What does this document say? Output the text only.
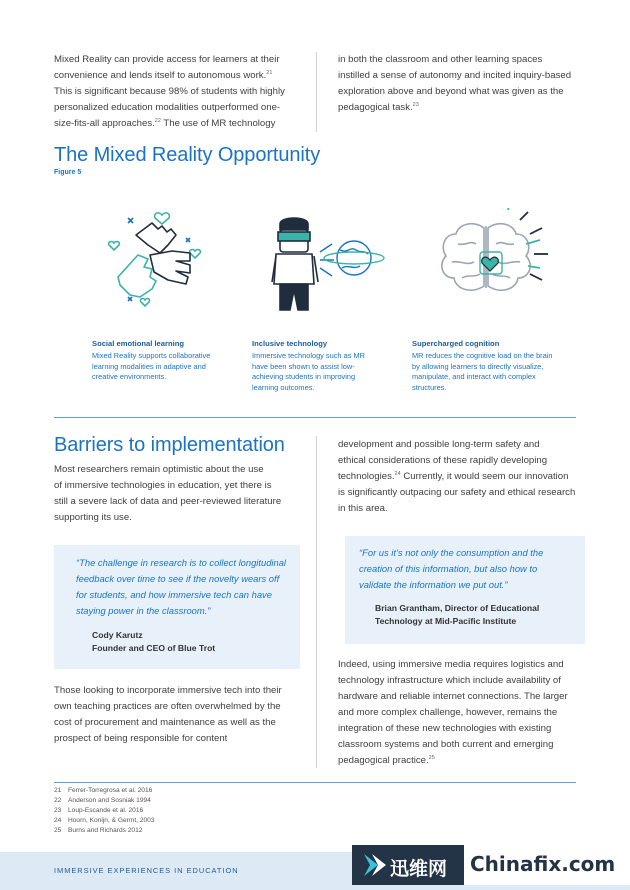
Mixed Reality can provide access for learners at their
convenience and lends itself to autonomous work.$^{21}$
This is significant because 98% of students with highly
personalized education modalities outperformed one-
size-fits-all approaches.$^{22}$ The use of MR technology
in both the classroom and other learning spaces
instilled a sense of autonomy and incited inquiry-based
exploration above and beyond what was given as the
pedagogical task.$^{23}$
The Mixed Reality Opportunity
Figure 5
Social emotional learning
Mixed Reality supports collaborative
learning modalities in adaptive and
creative environments.
Inclusive technology
Immersive technology such as MR
have been shown to assist low-
achieving students in improving
learning outcomes.
Supercharged cognition
MR reduces the cognitive load on the brain
by allowing learners to directly visualize,
manipulate, and interact with complex
structures.
Barriers to implementation
Most researchers remain optimistic about the use
of immersive technologies in education, yet there is
still a severe lack of data and peer-reviewed literature
supporting its use.
“The challenge in research is to collect longitudinal
feedback over time to see if the novelty wears off
for students, and how immersive tech can have
staying power in the classroom.”
Cody Karutz
Founder and CEO of Blue Trot
Those looking to incorporate immersive tech into their
own teaching practices are often overwhelmed by the
cost of procurement and maintenance as well as the
prospect of being responsible for content
development and possible long-term safety and
ethical considerations of these rapidly developing
technologies.$^{24}$ Currently, it would seem our innovation
is significantly outpacing our safety and ethical research
in this area.
“For us it’s not only the consumption and the
creation of this information, but also how to
validate the information we put out.”
Brian Grantham, Director of Educational
Technology at Mid-Pacific Institute
Indeed, using immersive media requires logistics and
technology infrastructure which include availability of
hardware and reliable internet connections. The larger
and more complex challenge, however, remains the
integration of these new technologies with existing
classroom systems and both current and emerging
pedagogical practice.$^{25}$
21 Ferrer-Torregrosa et al. 2016
22 Anderson and Sosniak 1994
23 Loup-Escande et al. 2016
24 Hoorn, Konijn, & Germt, 2003
25 Burns and Richards 2012
IMMERSIVE EXPERIENCES IN EDUCATION	迅维网 Chinafix.com
